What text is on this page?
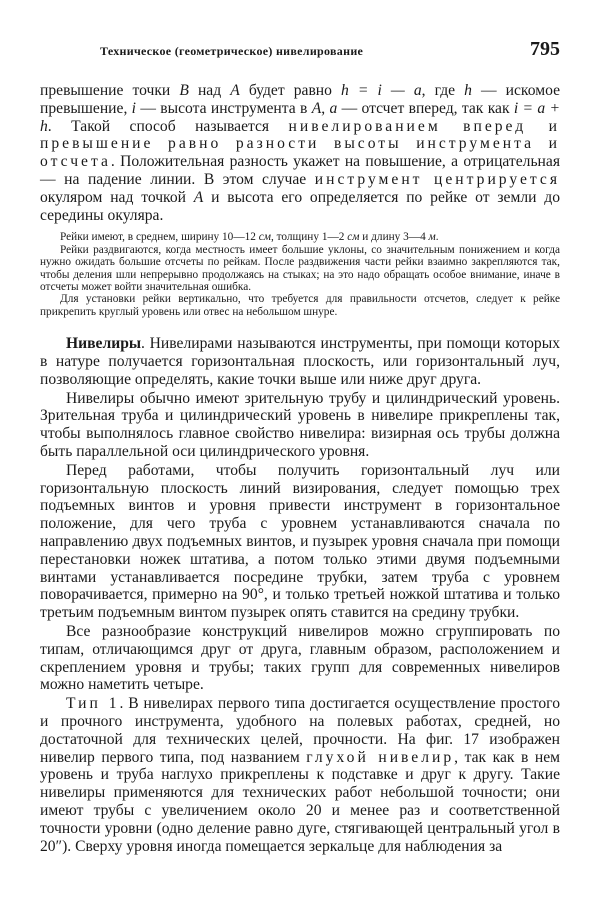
Техническое (геометрическое) нивелирование	795

превышение точки B над A будет равно h = i — a, где h — искомое превышение, i — высота инструмента в A, a — отсчет вперед, так как i = a + h. Такой способ называется нивелированием вперед и превышение равно разности высоты инструмента и отсчета. Положительная разность укажет на повышение, а отрицательная — на падение линии. В этом случае инструмент центрируется окуляром над точкой A и высота его определяется по рейке от земли до середины окуляра.

Рейки имеют, в среднем, ширину 10—12 см, толщину 1—2 см и длину 3—4 м.

Рейки раздвигаются, когда местность имеет большие уклоны, со значительным понижением и когда нужно ожидать большие отсчеты по рейкам. После раздвижения части рейки взаимно закрепляются так, чтобы деления шли непрерывно продолжаясь на стыках; на это надо обращать особое внимание, иначе в отсчеты может войти значительная ошибка.

Для установки рейки вертикально, что требуется для правильности отсчетов, следует к рейке прикрепить круглый уровень или отвес на небольшом шнуре.

Нивелиры. Нивелирами называются инструменты, при помощи которых в натуре получается горизонтальная плоскость, или горизонтальный луч, позволяющие определять, какие точки выше или ниже друг друга.

Нивелиры обычно имеют зрительную трубу и цилиндрический уровень. Зрительная труба и цилиндрический уровень в нивелире прикреплены так, чтобы выполнялось главное свойство нивелира: визирная ось трубы должна быть параллельной оси цилиндрического уровня.

Перед работами, чтобы получить горизонтальный луч или горизонтальную плоскость линий визирования, следует помощью трех подъемных винтов и уровня привести инструмент в горизонтальное положение, для чего труба с уровнем устанавливаются сначала по направлению двух подъемных винтов, и пузырек уровня сначала при помощи перестановки ножек штатива, а потом только этими двумя подъемными винтами устанавливается посредине трубки, затем труба с уровнем поворачивается, примерно на 90°, и только третьей ножкой штатива и только третьим подъемным винтом пузырек опять ставится на средину трубки.

Все разнообразие конструкций нивелиров можно сгруппировать по типам, отличающимся друг от друга, главным образом, расположением и скреплением уровня и трубы; таких групп для современных нивелиров можно наметить четыре.

Тип 1. В нивелирах первого типа достигается осуществление простого и прочного инструмента, удобного на полевых работах, средней, но достаточной для технических целей, прочности. На фиг. 17 изображен нивелир первого типа, под названием глухой нивелир, так как в нем уровень и труба наглухо прикреплены к подставке и друг к другу. Такие нивелиры применяются для технических работ небольшой точности; они имеют трубы с увеличением около 20 и менее раз и соответственной точности уровни (одно деление равно дуге, стягивающей центральный угол в 20″). Сверху уровня иногда помещается зеркальце для наблюдения за
